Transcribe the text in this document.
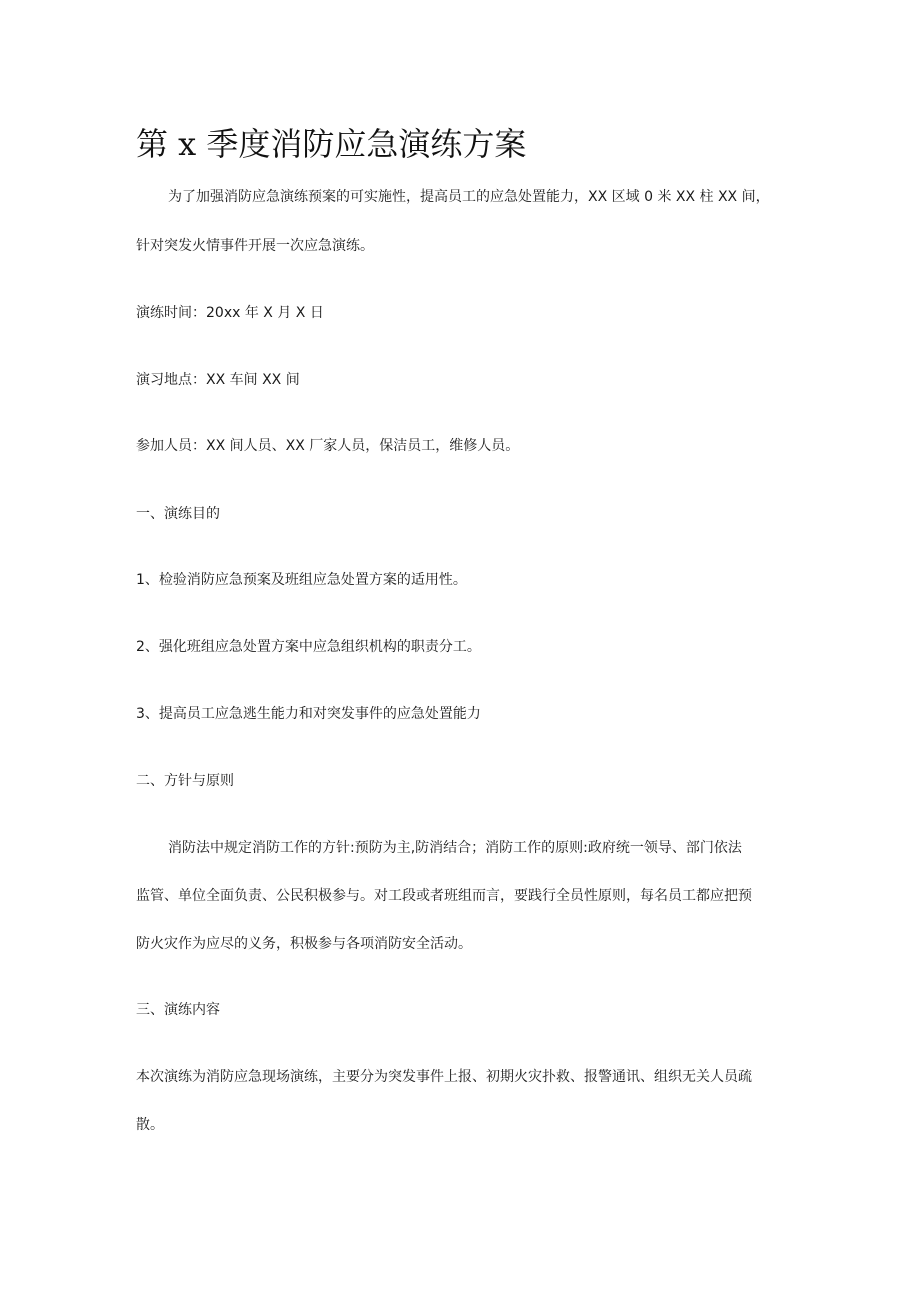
第 x 季度消防应急演练方案

为了加强消防应急演练预案的可实施性，提高员工的应急处置能力，XX 区域 0 米 XX 柱 XX 间，

针对突发火情事件开展一次应急演练。

演练时间：20xx 年 X 月 X 日

演习地点：XX 车间 XX 间

参加人员：XX 间人员、XX 厂家人员，保洁员工，维修人员。

一、演练目的

1、检验消防应急预案及班组应急处置方案的适用性。

2、强化班组应急处置方案中应急组织机构的职责分工。

3、提高员工应急逃生能力和对突发事件的应急处置能力

二、方针与原则

消防法中规定消防工作的方针:预防为主,防消结合；消防工作的原则:政府统一领导、部门依法

监管、单位全面负责、公民积极参与。对工段或者班组而言，要践行全员性原则，每名员工都应把预

防火灾作为应尽的义务，积极参与各项消防安全活动。

三、演练内容

本次演练为消防应急现场演练，主要分为突发事件上报、初期火灾扑救、报警通讯、组织无关人员疏

散。
